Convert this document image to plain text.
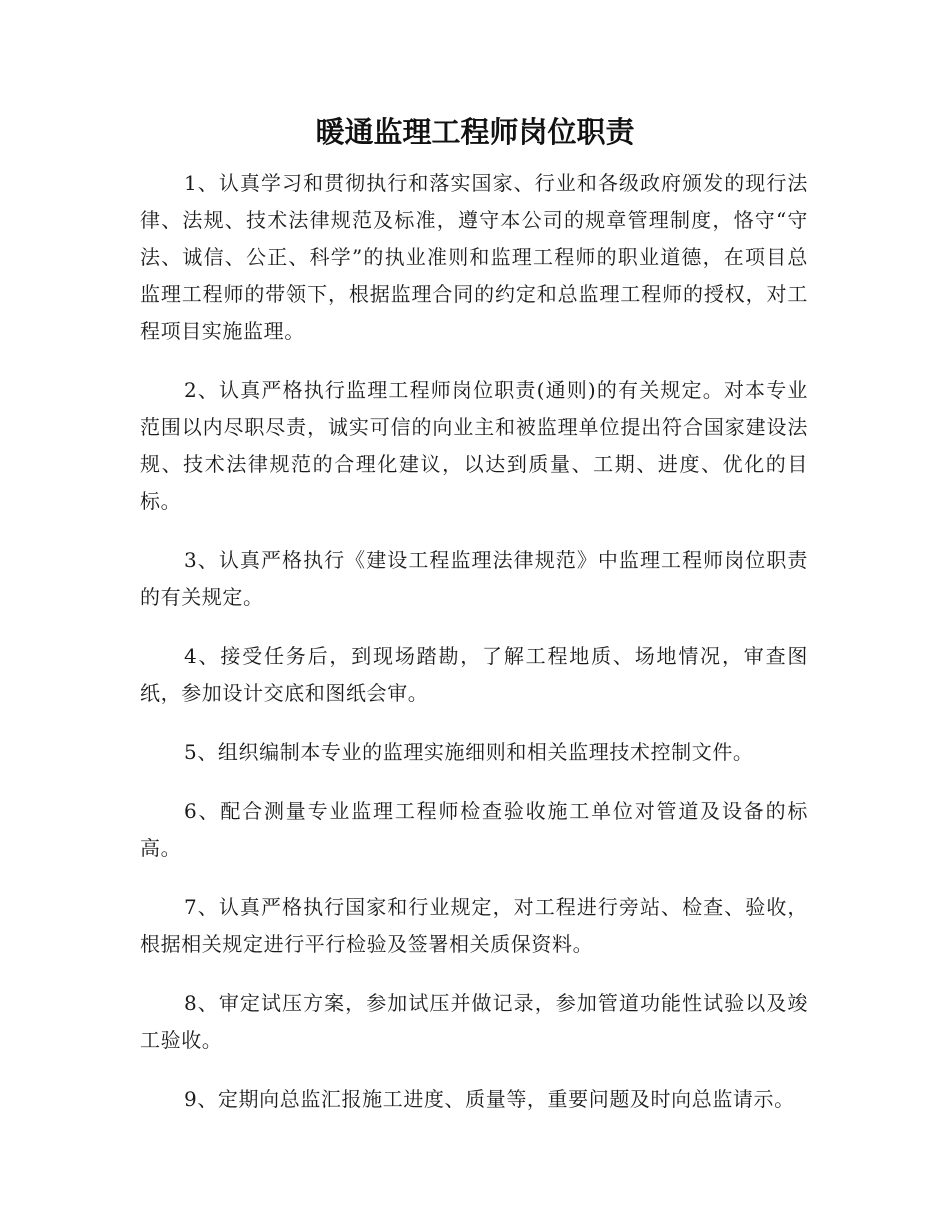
暖通监理工程师岗位职责

1、认真学习和贯彻执行和落实国家、行业和各级政府颁发的现行法律、法规、技术法律规范及标准，遵守本公司的规章管理制度，恪守“守法、诚信、公正、科学”的执业准则和监理工程师的职业道德，在项目总监理工程师的带领下，根据监理合同的约定和总监理工程师的授权，对工程项目实施监理。

2、认真严格执行监理工程师岗位职责(通则)的有关规定。对本专业范围以内尽职尽责，诚实可信的向业主和被监理单位提出符合国家建设法规、技术法律规范的合理化建议，以达到质量、工期、进度、优化的目标。

3、认真严格执行《建设工程监理法律规范》中监理工程师岗位职责的有关规定。

4、接受任务后，到现场踏勘，了解工程地质、场地情况，审查图纸，参加设计交底和图纸会审。

5、组织编制本专业的监理实施细则和相关监理技术控制文件。

6、配合测量专业监理工程师检查验收施工单位对管道及设备的标高。

7、认真严格执行国家和行业规定，对工程进行旁站、检查、验收，根据相关规定进行平行检验及签署相关质保资料。

8、审定试压方案，参加试压并做记录，参加管道功能性试验以及竣工验收。

9、定期向总监汇报施工进度、质量等，重要问题及时向总监请示。
